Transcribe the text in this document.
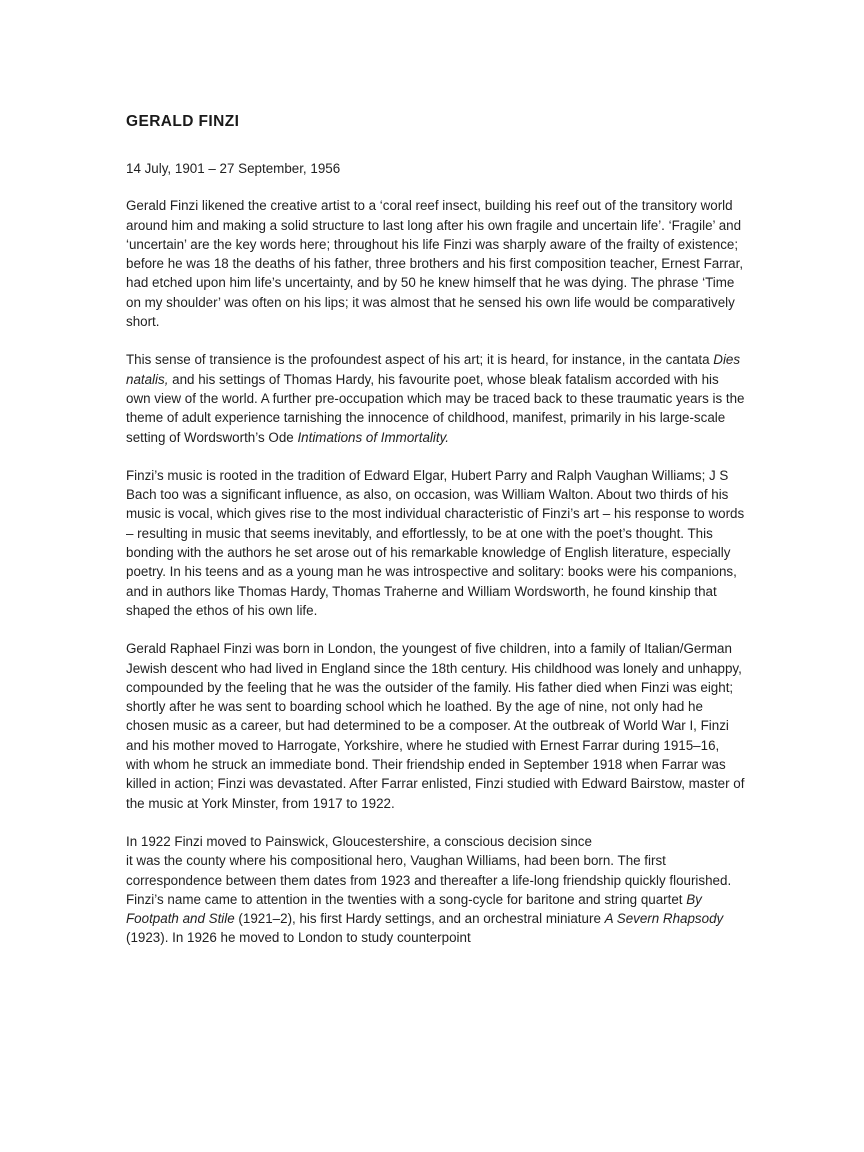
GERALD FINZI

14 July, 1901 – 27 September, 1956

Gerald Finzi likened the creative artist to a ‘coral reef insect, building his reef out of the transitory world around him and making a solid structure to last long after his own fragile and uncertain life’. ‘Fragile’ and ‘uncertain’ are the key words here; throughout his life Finzi was sharply aware of the frailty of existence; before he was 18 the deaths of his father, three brothers and his first composition teacher, Ernest Farrar, had etched upon him life’s uncertainty, and by 50 he knew himself that he was dying. The phrase ‘Time on my shoulder’ was often on his lips; it was almost that he sensed his own life would be comparatively short.

This sense of transience is the profoundest aspect of his art; it is heard, for instance, in the cantata Dies natalis, and his settings of Thomas Hardy, his favourite poet, whose bleak fatalism accorded with his own view of the world. A further pre-occupation which may be traced back to these traumatic years is the theme of adult experience tarnishing the innocence of childhood, manifest, primarily in his large-scale setting of Wordsworth’s Ode Intimations of Immortality.

Finzi’s music is rooted in the tradition of Edward Elgar, Hubert Parry and Ralph Vaughan Williams; J S Bach too was a significant influence, as also, on occasion, was William Walton. About two thirds of his music is vocal, which gives rise to the most individual characteristic of Finzi’s art – his response to words – resulting in music that seems inevitably, and effortlessly, to be at one with the poet’s thought. This bonding with the authors he set arose out of his remarkable knowledge of English literature, especially poetry. In his teens and as a young man he was introspective and solitary: books were his companions, and in authors like Thomas Hardy, Thomas Traherne and William Wordsworth, he found kinship that shaped the ethos of his own life.

Gerald Raphael Finzi was born in London, the youngest of five children, into a family of Italian/German Jewish descent who had lived in England since the 18th century. His childhood was lonely and unhappy, compounded by the feeling that he was the outsider of the family. His father died when Finzi was eight; shortly after he was sent to boarding school which he loathed. By the age of nine, not only had he chosen music as a career, but had determined to be a composer. At the outbreak of World War I, Finzi and his mother moved to Harrogate, Yorkshire, where he studied with Ernest Farrar during 1915–16, with whom he struck an immediate bond. Their friendship ended in September 1918 when Farrar was killed in action; Finzi was devastated. After Farrar enlisted, Finzi studied with Edward Bairstow, master of the music at York Minster, from 1917 to 1922.

In 1922 Finzi moved to Painswick, Gloucestershire, a conscious decision since
it was the county where his compositional hero, Vaughan Williams, had been born. The first correspondence between them dates from 1923 and thereafter a life-long friendship quickly flourished. Finzi’s name came to attention in the twenties with a song-cycle for baritone and string quartet By Footpath and Stile (1921–2), his first Hardy settings, and an orchestral miniature A Severn Rhapsody (1923). In 1926 he moved to London to study counterpoint
